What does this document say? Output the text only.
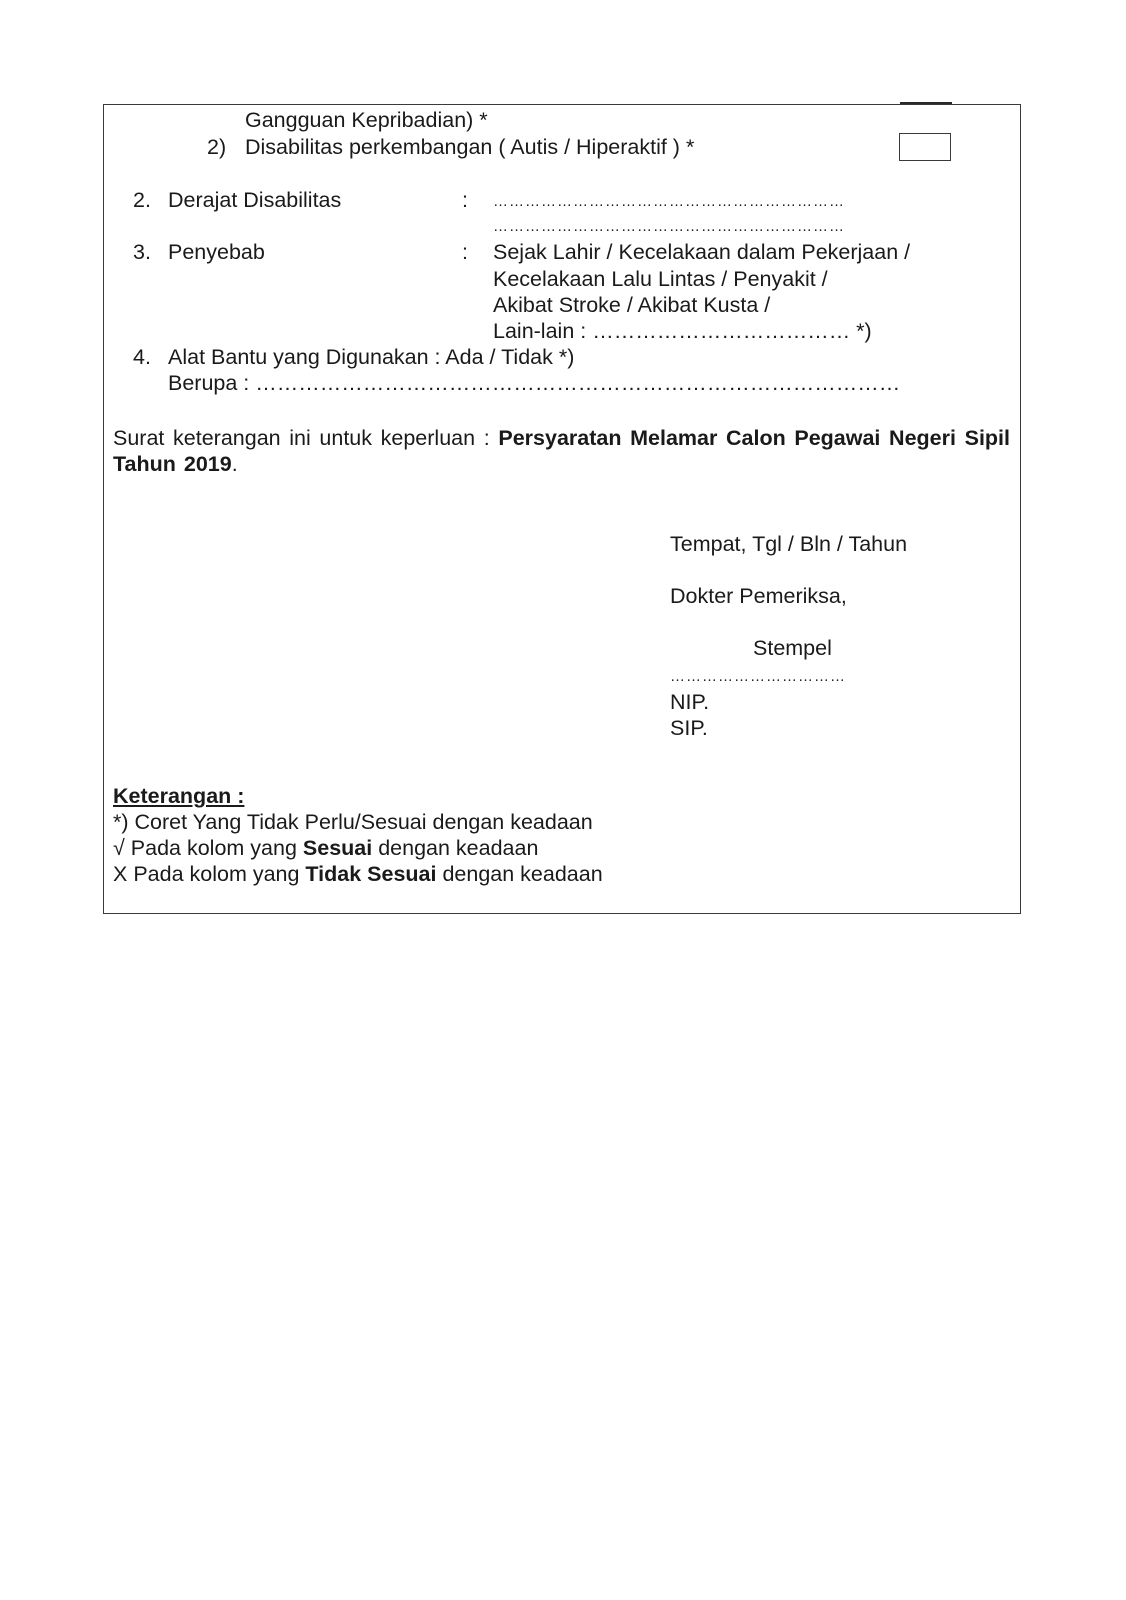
Gangguan Kepribadian) *
2) Disabilitas perkembangan ( Autis / Hiperaktif ) *
2. Derajat Disabilitas	: …………………………………………………………
…………………………………………………………
3. Penyebab	: Sejak Lahir / Kecelakaan dalam Pekerjaan /
Kecelakaan Lalu Lintas / Penyakit /
Akibat Stroke / Akibat Kusta /
Lain-lain : ……………………………… *)
4. Alat Bantu yang Digunakan : Ada / Tidak *)
Berupa : ………………………………………………………………………………
Surat keterangan ini untuk keperluan : Persyaratan Melamar Calon Pegawai Negeri Sipil Tahun 2019.
Tempat, Tgl / Bln / Tahun
Dokter Pemeriksa,
Stempel
……………………………
NIP.
SIP.
Keterangan :
*) Coret Yang Tidak Perlu/Sesuai dengan keadaan
√ Pada kolom yang Sesuai dengan keadaan
X Pada kolom yang Tidak Sesuai dengan keadaan
